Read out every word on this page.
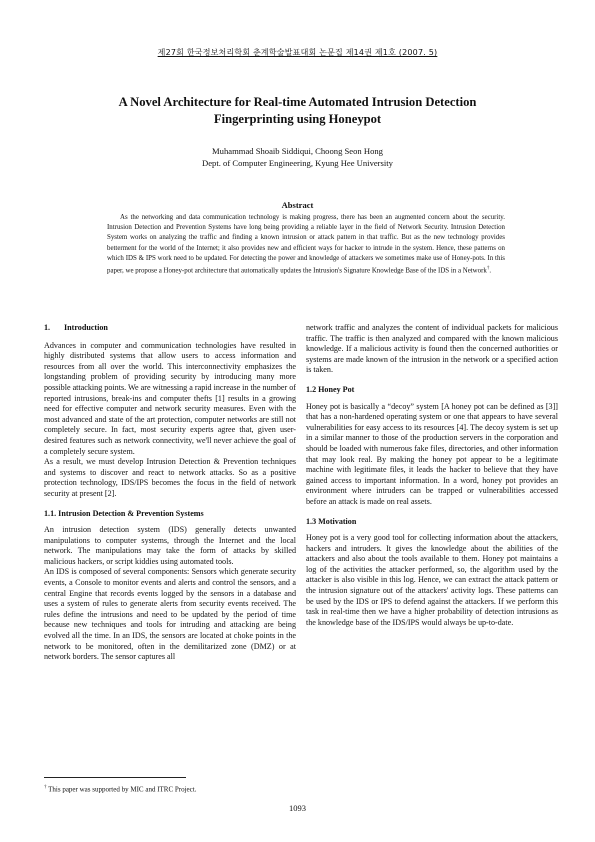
제27회 한국정보처리학회 춘계학술발표대회 논문집 제14권 제1호 (2007. 5)
A Novel Architecture for Real-time Automated Intrusion Detection
Fingerprinting using Honeypot
Muhammad Shoaib Siddiqui, Choong Seon Hong
Dept. of Computer Engineering, Kyung Hee University
Abstract
As the networking and data communication technology is making progress, there has been an augmented concern about the security. Intrusion Detection and Prevention Systems have long being providing a reliable layer in the field of Network Security. Intrusion Detection System works on analyzing the traffic and finding a known intrusion or attack pattern in that traffic. But as the new technology provides betterment for the world of the Internet; it also provides new and efficient ways for hacker to intrude in the system. Hence, these patterns on which IDS & IPS work need to be updated. For detecting the power and knowledge of attackers we sometimes make use of Honey-pots. In this paper, we propose a Honey-pot architecture that automatically updates the Intrusion's Signature Knowledge Base of the IDS in a Network†.

1. Introduction

Advances in computer and communication technologies have resulted in highly distributed systems that allow users to access information and resources from all over the world. This interconnectivity emphasizes the longstanding problem of providing security by introducing many more possible attacking points. We are witnessing a rapid increase in the number of reported intrusions, break-ins and computer thefts [1] results in a growing need for effective computer and network security measures. Even with the most advanced and state of the art protection, computer networks are still not completely secure. In fact, most security experts agree that, given user-desired features such as network connectivity, we'll never achieve the goal of a completely secure system.

As a result, we must develop Intrusion Detection & Prevention techniques and systems to discover and react to network attacks. So as a positive protection technology, IDS/IPS becomes the focus in the field of network security at present [2].

1.1. Intrusion Detection & Prevention Systems

An intrusion detection system (IDS) generally detects unwanted manipulations to computer systems, through the Internet and the local network. The manipulations may take the form of attacks by skilled malicious hackers, or script kiddies using automated tools.

An IDS is composed of several components: Sensors which generate security events, a Console to monitor events and alerts and control the sensors, and a central Engine that records events logged by the sensors in a database and uses a system of rules to generate alerts from security events received. The rules define the intrusions and need to be updated by the period of time because new techniques and tools for intruding and attacking are being evolved all the time. In an IDS, the sensors are located at choke points in the network to be monitored, often in the demilitarized zone (DMZ) or at network borders. The sensor captures all

network traffic and analyzes the content of individual packets for malicious traffic. The traffic is then analyzed and compared with the known malicious knowledge. If a malicious activity is found then the concerned authorities or systems are made known of the intrusion in the network or a specified action is taken.

1.2 Honey Pot

Honey pot is basically a “decoy” system [A honey pot can be defined as [3]] that has a non-hardened operating system or one that appears to have several vulnerabilities for easy access to its resources [4]. The decoy system is set up in a similar manner to those of the production servers in the corporation and should be loaded with numerous fake files, directories, and other information that may look real. By making the honey pot appear to be a legitimate machine with legitimate files, it leads the hacker to believe that they have gained access to important information. In a word, honey pot provides an environment where intruders can be trapped or vulnerabilities accessed before an attack is made on real assets.

1.3 Motivation

Honey pot is a very good tool for collecting information about the attackers, hackers and intruders. It gives the knowledge about the abilities of the attackers and also about the tools available to them. Honey pot maintains a log of the activities the attacker performed, so, the algorithm used by the attacker is also visible in this log. Hence, we can extract the attack pattern or the intrusion signature out of the attackers' activity logs. These patterns can be used by the IDS or IPS to defend against the attackers. If we perform this task in real-time then we have a higher probability of detection intrusions as the knowledge base of the IDS/IPS would always be up-to-date.

† This paper was supported by MIC and ITRC Project.
1093
